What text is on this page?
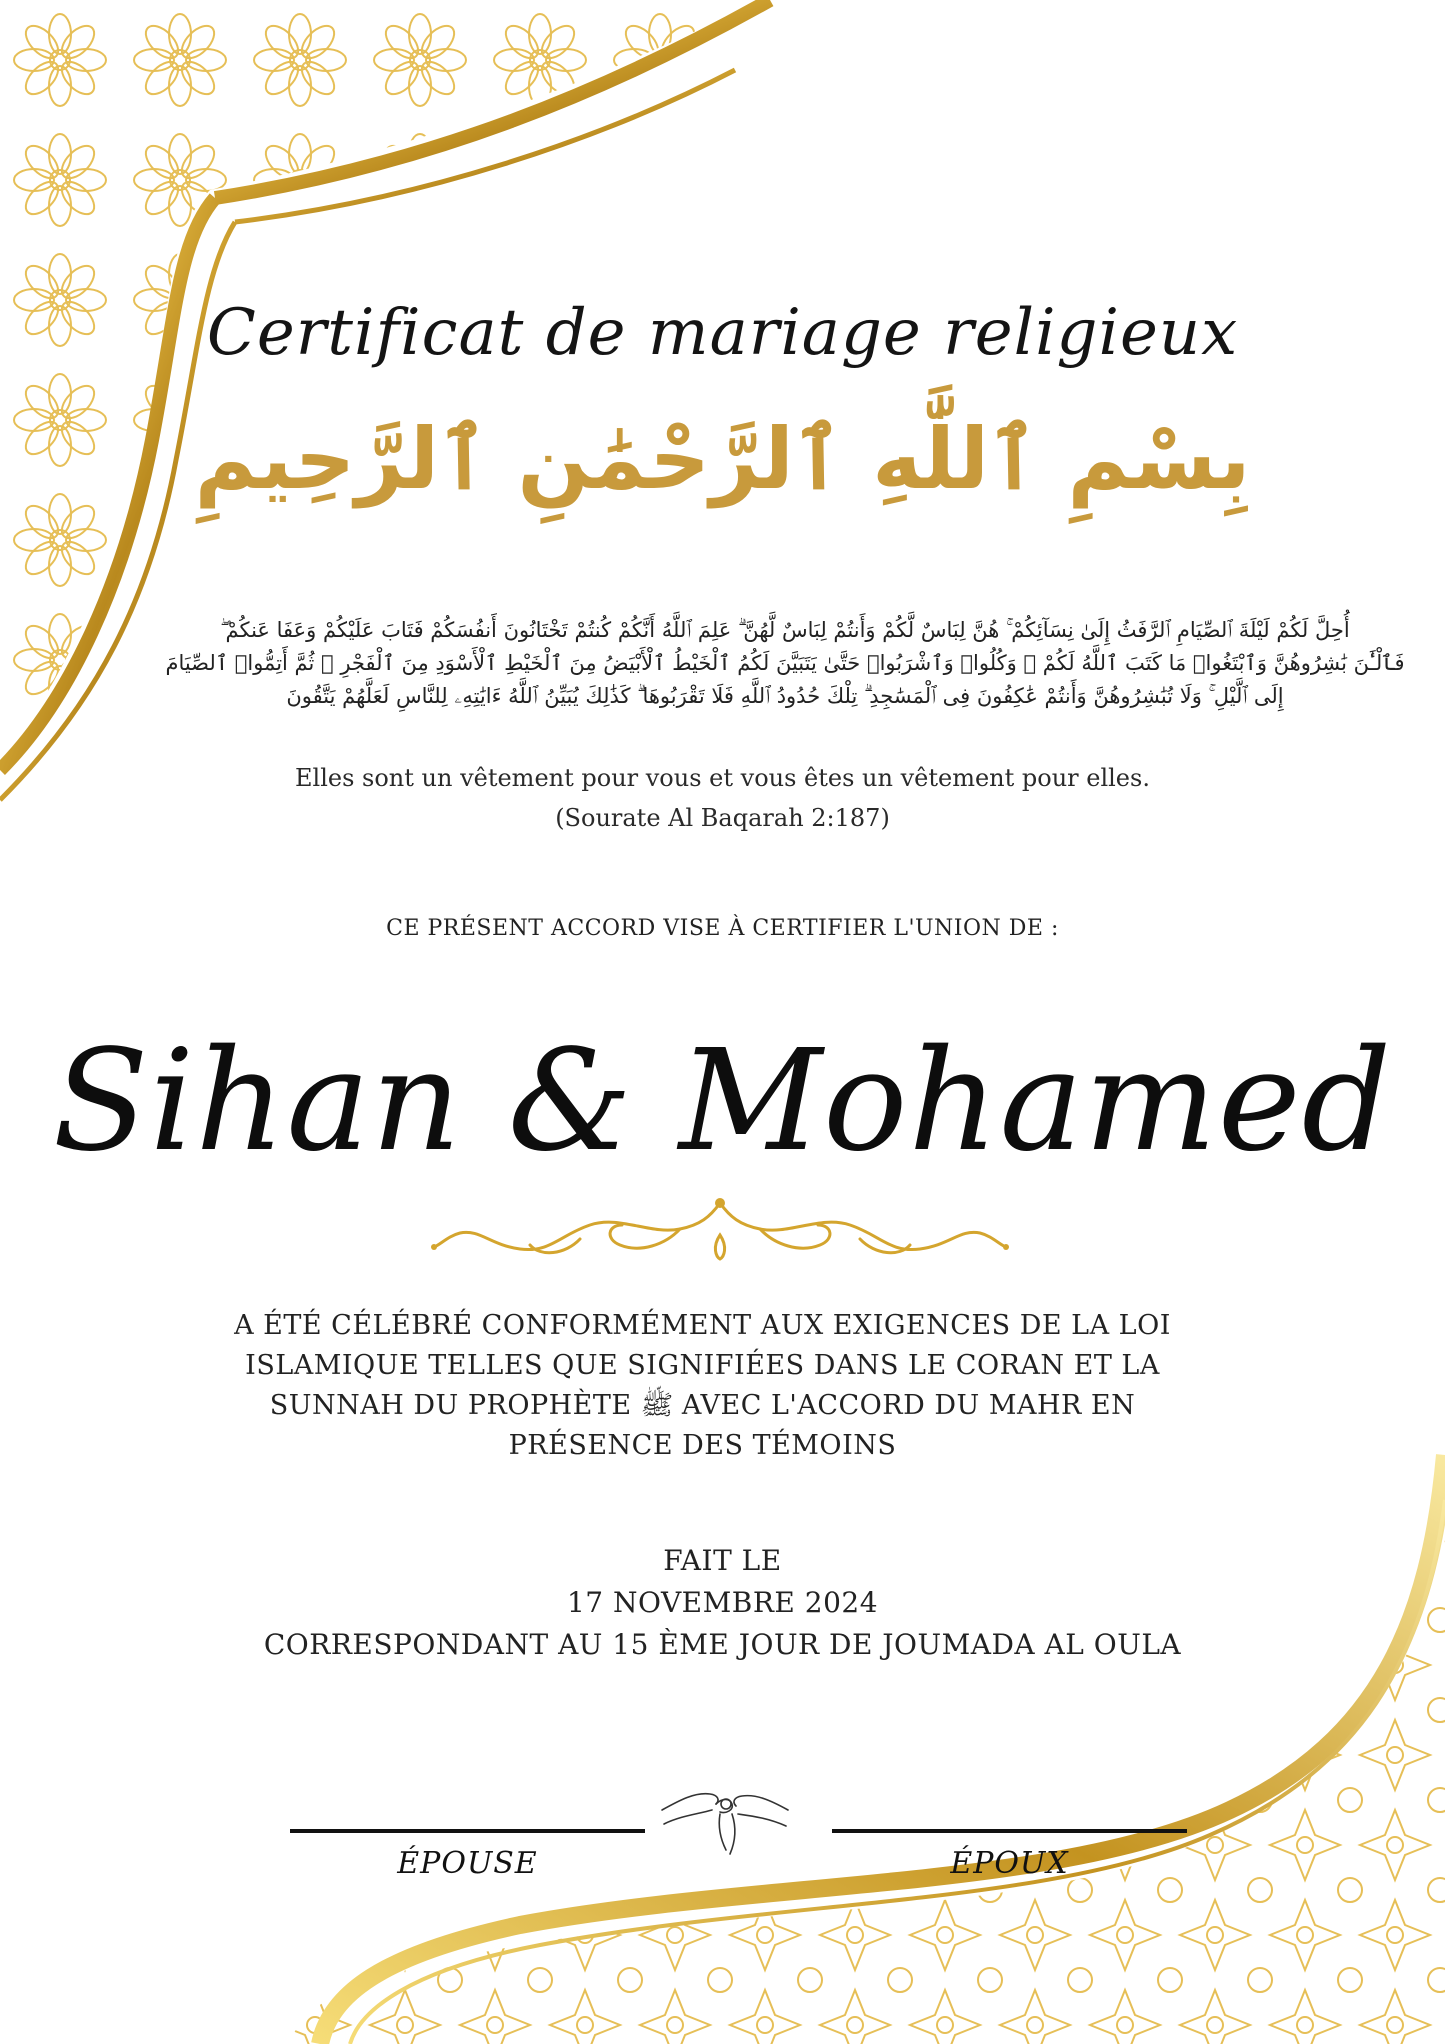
Certificat de mariage religieux
بِسْمِ ٱللَّٰهِ ٱلرَّحْمَٰنِ ٱلرَّحِيمِ
أُحِلَّ لَكُمْ لَيْلَةَ ٱلصِّيَامِ ٱلرَّفَثُ إِلَىٰ نِسَآئِكُمْ ۚ هُنَّ لِبَاسٌ لَّكُمْ وَأَنتُمْ لِبَاسٌ لَّهُنَّ ۗ عَلِمَ ٱللَّهُ أَنَّكُمْ كُنتُمْ تَخْتَانُونَ أَنفُسَكُمْ فَتَابَ عَلَيْكُمْ وَعَفَا عَنكُمْ ۖ
فَٱلْـَٰٔنَ بَٰشِرُوهُنَّ وَٱبْتَغُوا۟ مَا كَتَبَ ٱللَّهُ لَكُمْ ۚ وَكُلُوا۟ وَٱشْرَبُوا۟ حَتَّىٰ يَتَبَيَّنَ لَكُمُ ٱلْخَيْطُ ٱلْأَبْيَضُ مِنَ ٱلْخَيْطِ ٱلْأَسْوَدِ مِنَ ٱلْفَجْرِ ۖ ثُمَّ أَتِمُّوا۟ ٱلصِّيَامَ
إِلَى ٱلَّيْلِ ۚ وَلَا تُبَٰشِرُوهُنَّ وَأَنتُمْ عَٰكِفُونَ فِى ٱلْمَسَٰجِدِ ۗ تِلْكَ حُدُودُ ٱللَّهِ فَلَا تَقْرَبُوهَا ۗ كَذَٰلِكَ يُبَيِّنُ ٱللَّهُ ءَايَٰتِهِۦ لِلنَّاسِ لَعَلَّهُمْ يَتَّقُونَ
Elles sont un vêtement pour vous et vous êtes un vêtement pour elles.
(Sourate Al Baqarah 2:187)
CE PRÉSENT ACCORD VISE À CERTIFIER L'UNION DE :
Sihan & Mohamed
A ÉTÉ CÉLÉBRÉ CONFORMÉMENT AUX EXIGENCES DE LA LOI
ISLAMIQUE TELLES QUE SIGNIFIÉES DANS LE CORAN ET LA
SUNNAH DU PROPHÈTE ﷺ AVEC L'ACCORD DU MAHR EN
PRÉSENCE DES TÉMOINS
FAIT LE
17 NOVEMBRE 2024
CORRESPONDANT AU 15 ÈME JOUR DE JOUMADA AL OULA
ÉPOUSE	ÉPOUX
